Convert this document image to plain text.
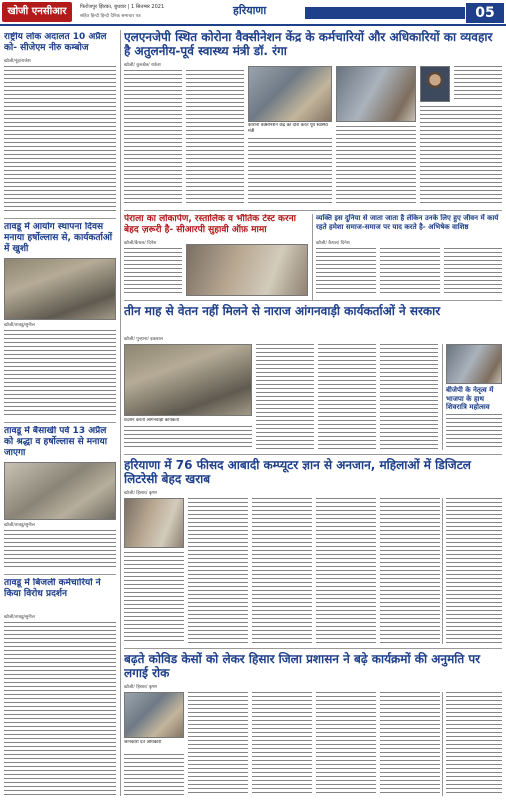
खोजी एनसीआर	फिरोजपुर झिरका, बुधवार | 1 सितम्बर 2021
सहित हिन्दी हिन्दी दैनिक समाचार पत्र	हरियाणा	05
राष्ट्रीय लोक अदालत 10 अप्रैल को- सीजेएम नीरु कम्बोज
खोजी/नूंह/राजेश
तावडू में आयोग स्थापना दिवस मनाया हर्षोल्लास से, कार्यकर्ताओं में खुशी
खोजी/तावडू/सुनील
तावडू में बैसाखी पर्व 13 अप्रैल को श्रद्धा व हर्षोल्लास से मनाया जाएगा
खोजी/तावडू/सुनील
तावडू में बिजली कर्मचारियों ने किया विरोध प्रदर्शन
खोजी/तावडू/सुनील
एलएनजेपी स्थित कोरोना वैक्सीनेशन केंद्र के कर्मचारियों और अधिकारियों का व्यवहार है अतुलनीय-पूर्व स्वास्थ्य मंत्री डॉ. रंगा
खोजी/ कुरुक्षेत्र/ राकेश
कोरोना वैक्सीनेशन केंद्र का दौरा करते पूर्व स्वास्थ्य मंत्री
पेराला का लोकार्पण, रस्तालिक व भौतिक टेस्ट करना बेहद ज़रूरी है- सीआरपी सुहावी ऑफ़ मामा
खोजी/कैथल/ दिनेश
व्यक्ति इस दुनिया से जाता जाता है लेकिन उनके लिए हुए जीवन में कार्य रहते हमेशा समाज-समाज पर याद करते है- अभिषेक वाशिष्ठ
खोजी/ कैथल/ दिनेश
तीन माह से वेतन नहीं मिलने से नाराज आंगनवाड़ी कार्यकर्ताओं ने सरकार
खोजी/ पुन्हाना/ इकबाल
प्रदर्शन करती आंगनवाड़ी कार्यकर्ता
बीजेपी के नेतृत्व में भाजपा के हाथ शिवरात्रि महोत्सव
हरियाणा में 76 फीसद आबादी कम्प्यूटर ज्ञान से अनजान, महिलाओं में डिजिटल लिटरेसी बेहद खराब
खोजी/ हिसार/ कृष्ण
बढ़ते कोविड केसों को लेकर हिसार जिला प्रशासन ने बढ़े कार्यक्रमों की अनुमति पर लगाई रोक
खोजी/ हिसार/ कृष्ण
जानकारी देते अधिकारी
